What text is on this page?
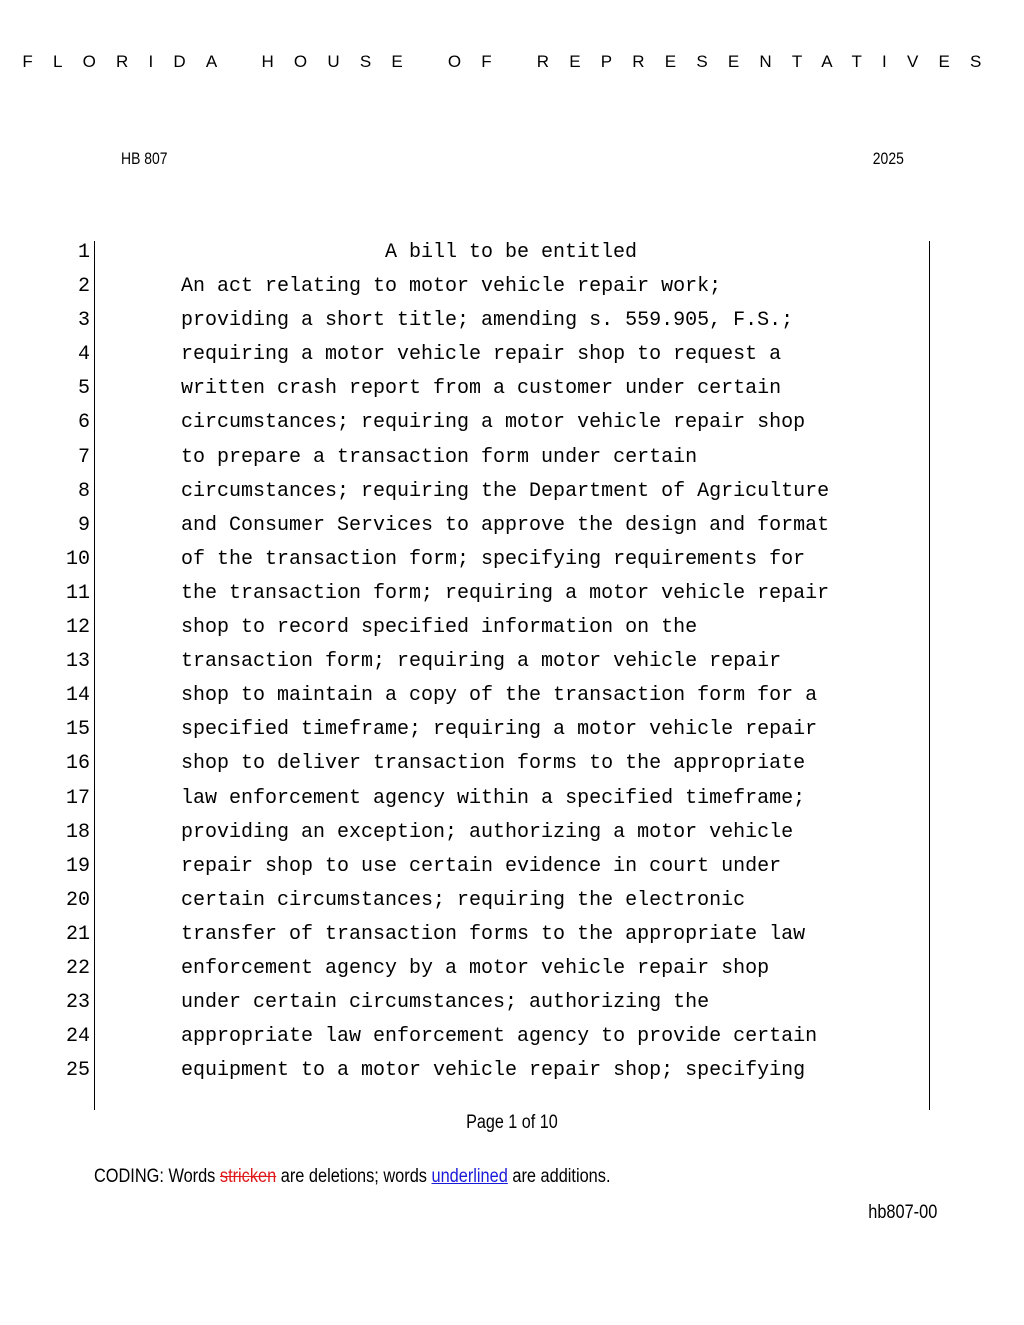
FLORIDA HOUSE OF REPRESENTATIVES
HB 807	2025
1	A bill to be entitled
2	An act relating to motor vehicle repair work;
3	providing a short title; amending s. 559.905, F.S.;
4	requiring a motor vehicle repair shop to request a
5	written crash report from a customer under certain
6	circumstances; requiring a motor vehicle repair shop
7	to prepare a transaction form under certain
8	circumstances; requiring the Department of Agriculture
9	and Consumer Services to approve the design and format
10	of the transaction form; specifying requirements for
11	the transaction form; requiring a motor vehicle repair
12	shop to record specified information on the
13	transaction form; requiring a motor vehicle repair
14	shop to maintain a copy of the transaction form for a
15	specified timeframe; requiring a motor vehicle repair
16	shop to deliver transaction forms to the appropriate
17	law enforcement agency within a specified timeframe;
18	providing an exception; authorizing a motor vehicle
19	repair shop to use certain evidence in court under
20	certain circumstances; requiring the electronic
21	transfer of transaction forms to the appropriate law
22	enforcement agency by a motor vehicle repair shop
23	under certain circumstances; authorizing the
24	appropriate law enforcement agency to provide certain
25	equipment to a motor vehicle repair shop; specifying
Page 1 of 10
CODING: Words stricken are deletions; words underlined are additions.
hb807-00
